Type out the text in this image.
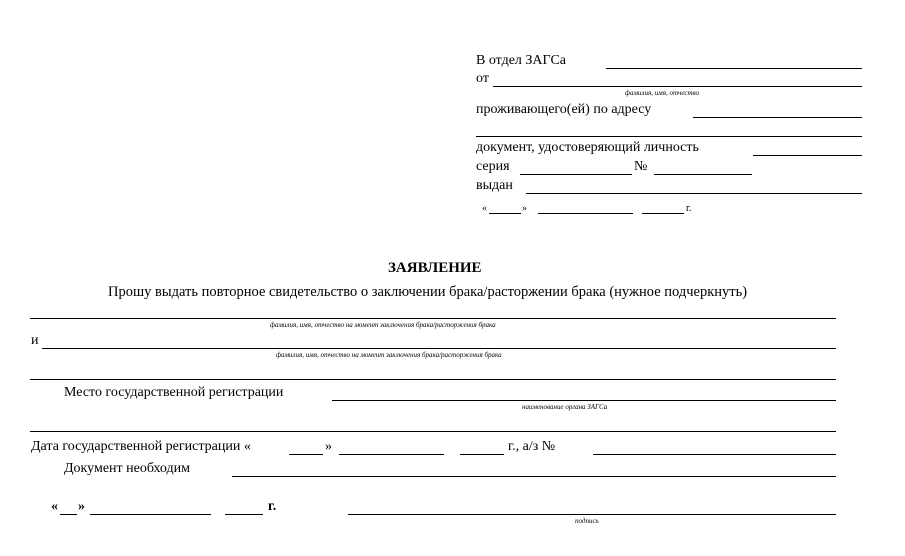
В отдел ЗАГСа
от
фамилия, имя, отчество
проживающего(ей) по адресу
документ, удостоверяющий личность
серия	№
выдан
«	»	г.
ЗАЯВЛЕНИЕ
Прошу выдать повторное свидетельство о заключении брака/расторжении брака (нужное подчеркнуть)
фамилия, имя, отчество на момент заключения брака/расторжения брака
и
фамилия, имя, отчество на момент заключения брака/расторжения брака
Место государственной регистрации
наименование органа ЗАГСа
Дата государственной регистрации «	»	г., а/з №
Документ необходим
« »	г.
подпись
